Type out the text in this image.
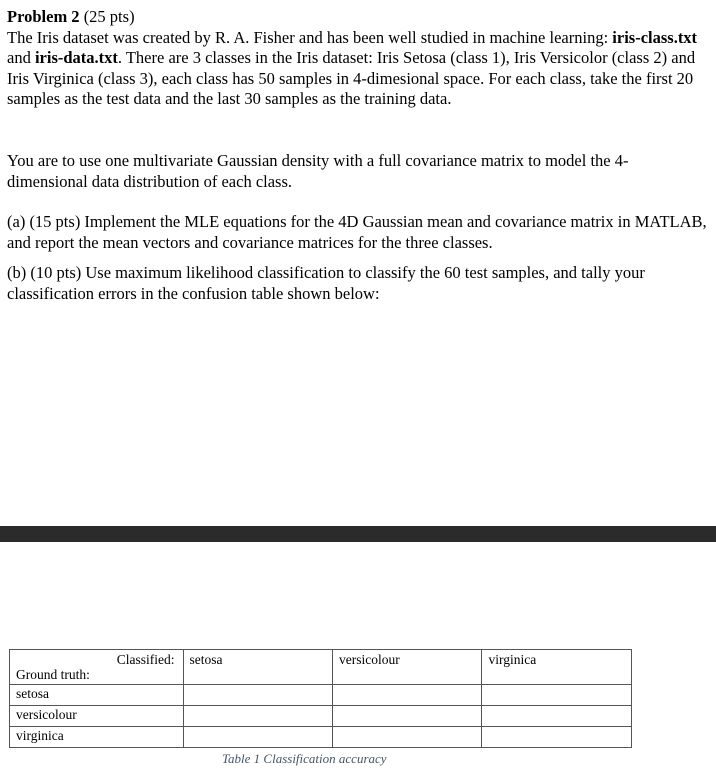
Problem 2 (25 pts)
The Iris dataset was created by R. A. Fisher and has been well studied in machine learning: iris-class.txt and iris-data.txt. There are 3 classes in the Iris dataset: Iris Setosa (class 1), Iris Versicolor (class 2) and Iris Virginica (class 3), each class has 50 samples in 4-dimesional space. For each class, take the first 20 samples as the test data and the last 30 samples as the training data.

You are to use one multivariate Gaussian density with a full covariance matrix to model the 4-dimensional data distribution of each class.

(a) (15 pts) Implement the MLE equations for the 4D Gaussian mean and covariance matrix in MATLAB, and report the mean vectors and covariance matrices for the three classes.

(b) (10 pts) Use maximum likelihood classification to classify the 60 test samples, and tally your classification errors in the confusion table shown below:

Classified:
Ground truth:	setosa	versicolour	virginica
setosa			
versicolour			
virginica			
Table 1 Classification accuracy
